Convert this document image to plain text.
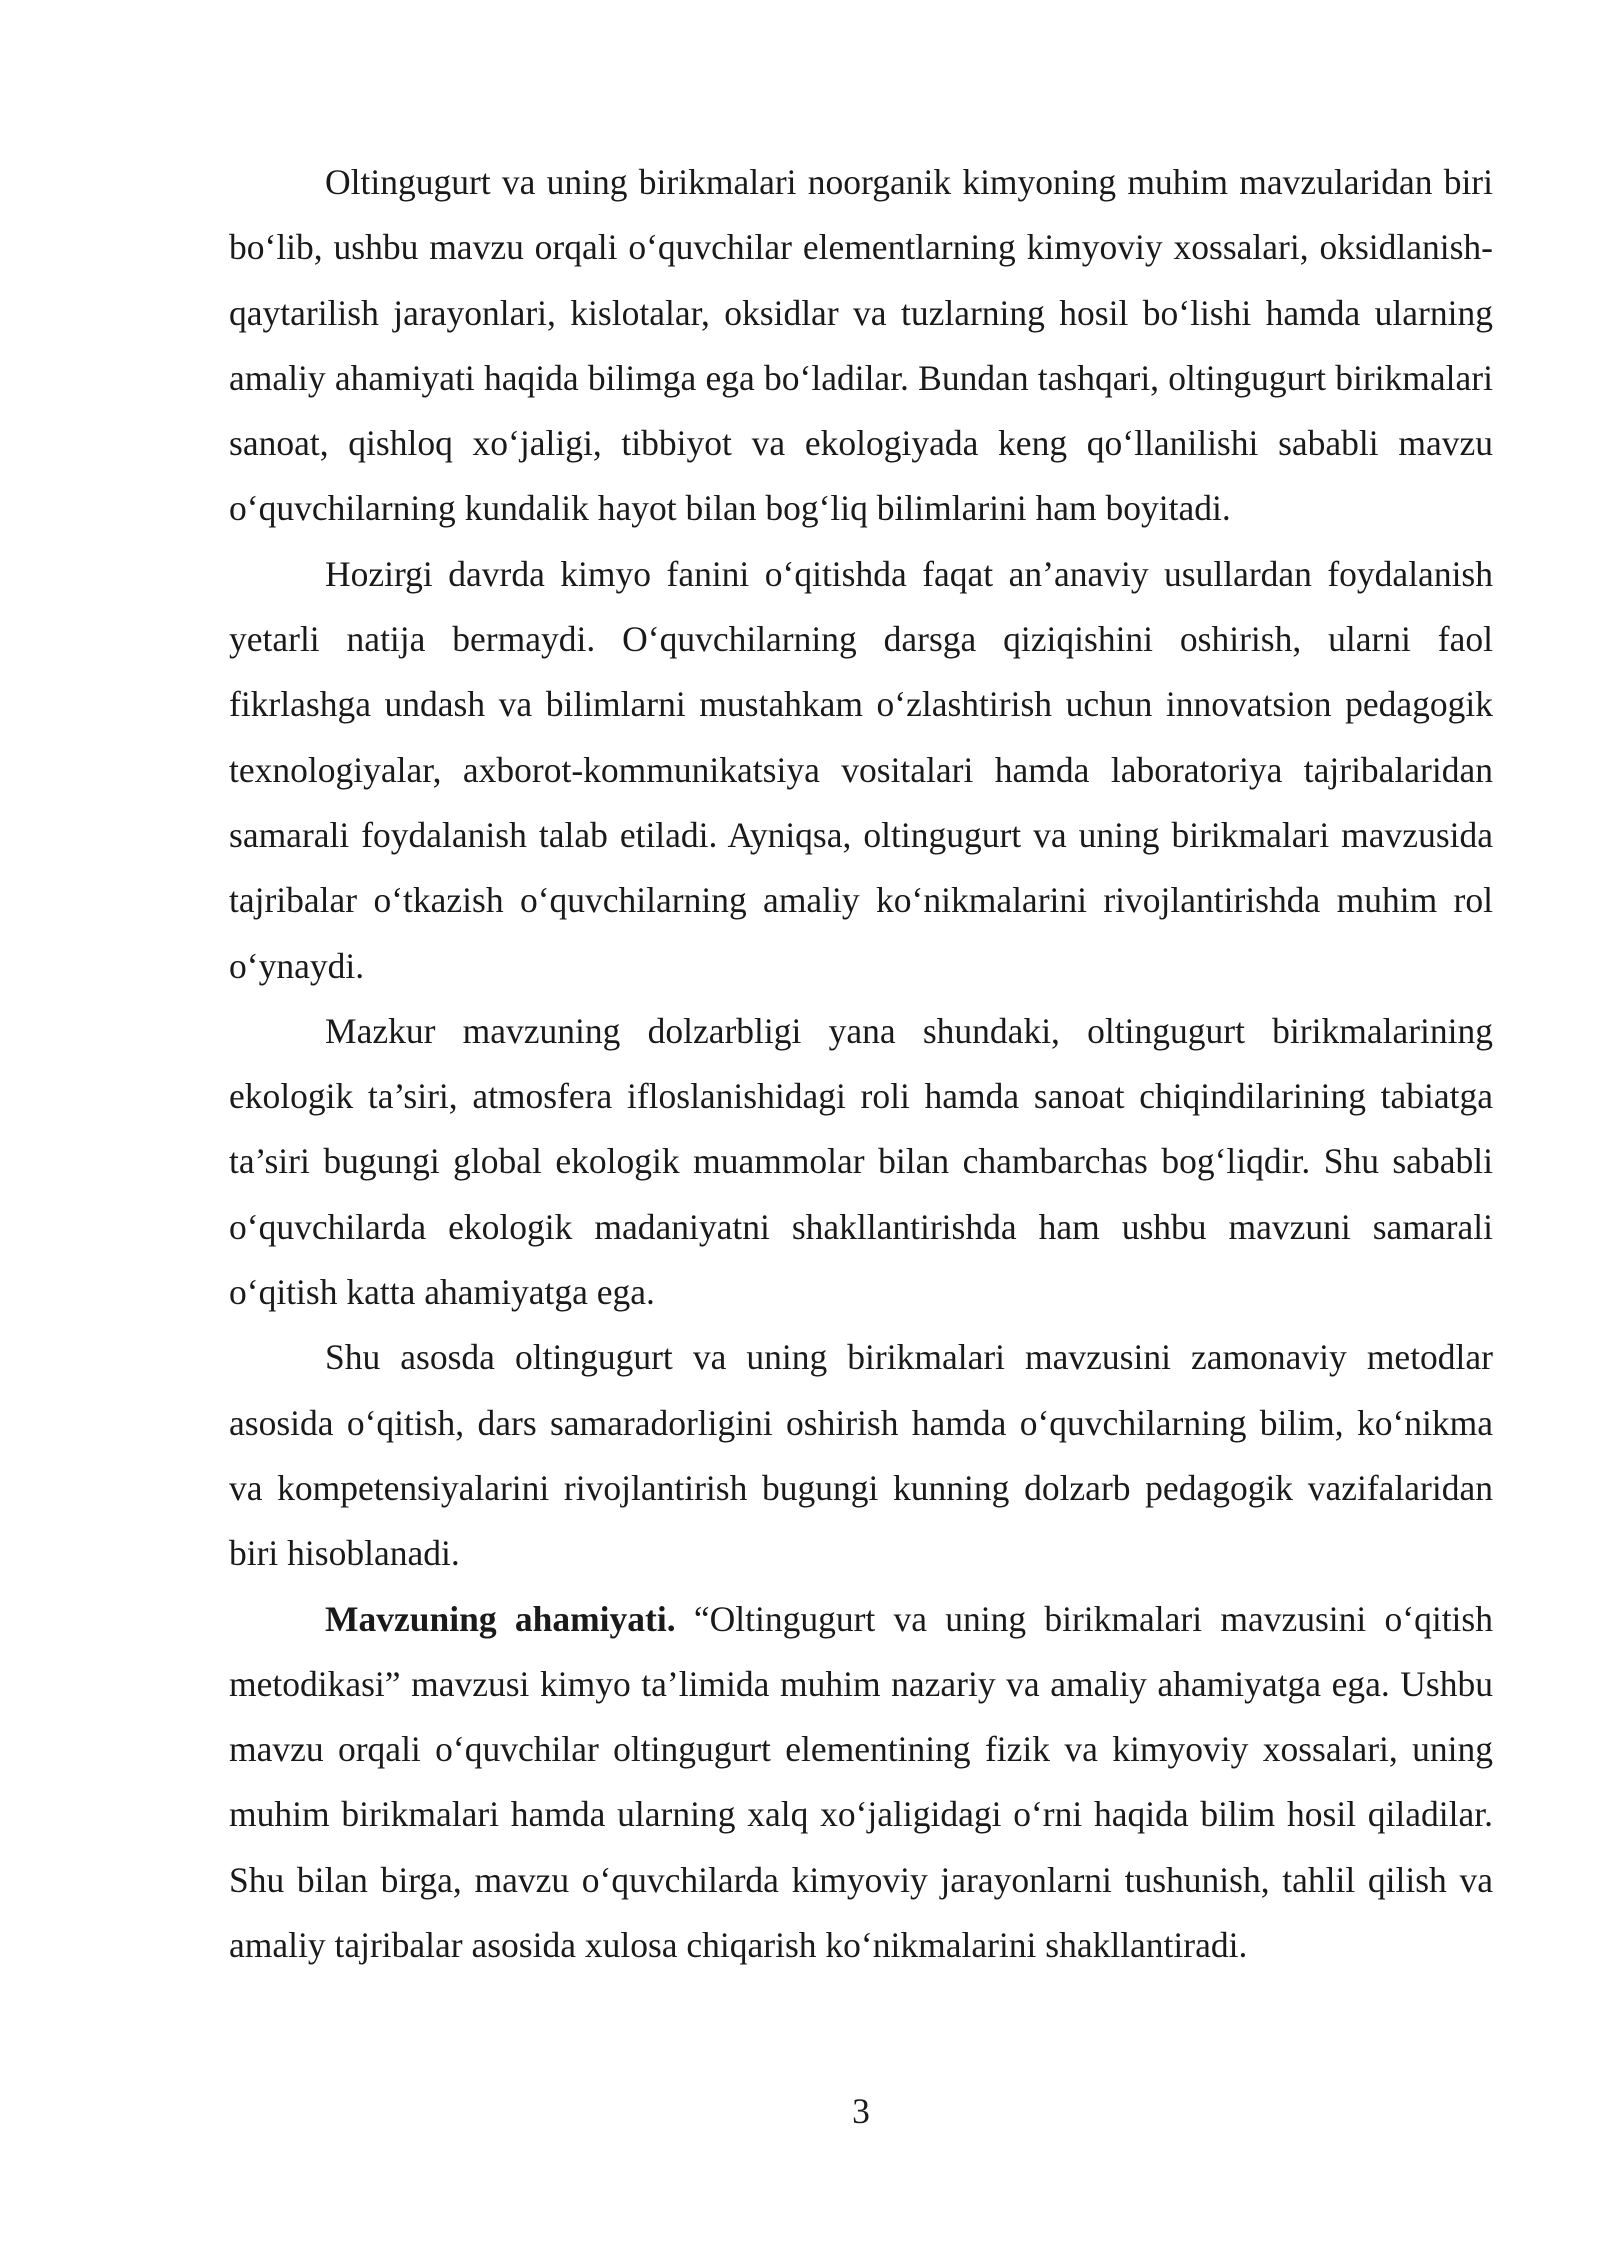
Oltingugurt va uning birikmalari noorganik kimyoning muhim mavzularidan biri bo‘lib, ushbu mavzu orqali o‘quvchilar elementlarning kimyoviy xossalari, oksidlanish-qaytarilish jarayonlari, kislotalar, oksidlar va tuzlarning hosil bo‘lishi hamda ularning amaliy ahamiyati haqida bilimga ega bo‘ladilar. Bundan tashqari, oltingugurt birikmalari sanoat, qishloq xo‘jaligi, tibbiyot va ekologiyada keng qo‘llanilishi sababli mavzu o‘quvchilarning kundalik hayot bilan bog‘liq bilimlarini ham boyitadi.

Hozirgi davrda kimyo fanini o‘qitishda faqat an’anaviy usullardan foydalanish yetarli natija bermaydi. O‘quvchilarning darsga qiziqishini oshirish, ularni faol fikrlashga undash va bilimlarni mustahkam o‘zlashtirish uchun innovatsion pedagogik texnologiyalar, axborot-kommunikatsiya vositalari hamda laboratoriya tajribalaridan samarali foydalanish talab etiladi. Ayniqsa, oltingugurt va uning birikmalari mavzusida tajribalar o‘tkazish o‘quvchilarning amaliy ko‘nikmalarini rivojlantirishda muhim rol o‘ynaydi.

Mazkur mavzuning dolzarbligi yana shundaki, oltingugurt birikmalarining ekologik ta’siri, atmosfera ifloslanishidagi roli hamda sanoat chiqindilarining tabiatga ta’siri bugungi global ekologik muammolar bilan chambarchas bog‘liqdir. Shu sababli o‘quvchilarda ekologik madaniyatni shakllantirishda ham ushbu mavzuni samarali o‘qitish katta ahamiyatga ega.

Shu asosda oltingugurt va uning birikmalari mavzusini zamonaviy metodlar asosida o‘qitish, dars samaradorligini oshirish hamda o‘quvchilarning bilim, ko‘nikma va kompetensiyalarini rivojlantirish bugungi kunning dolzarb pedagogik vazifalaridan biri hisoblanadi.

Mavzuning ahamiyati. “Oltingugurt va uning birikmalari mavzusini o‘qitish metodikasi” mavzusi kimyo ta’limida muhim nazariy va amaliy ahamiyatga ega. Ushbu mavzu orqali o‘quvchilar oltingugurt elementining fizik va kimyoviy xossalari, uning muhim birikmalari hamda ularning xalq xo‘jaligidagi o‘rni haqida bilim hosil qiladilar. Shu bilan birga, mavzu o‘quvchilarda kimyoviy jarayonlarni tushunish, tahlil qilish va amaliy tajribalar asosida xulosa chiqarish ko‘nikmalarini shakllantiradi.

3
